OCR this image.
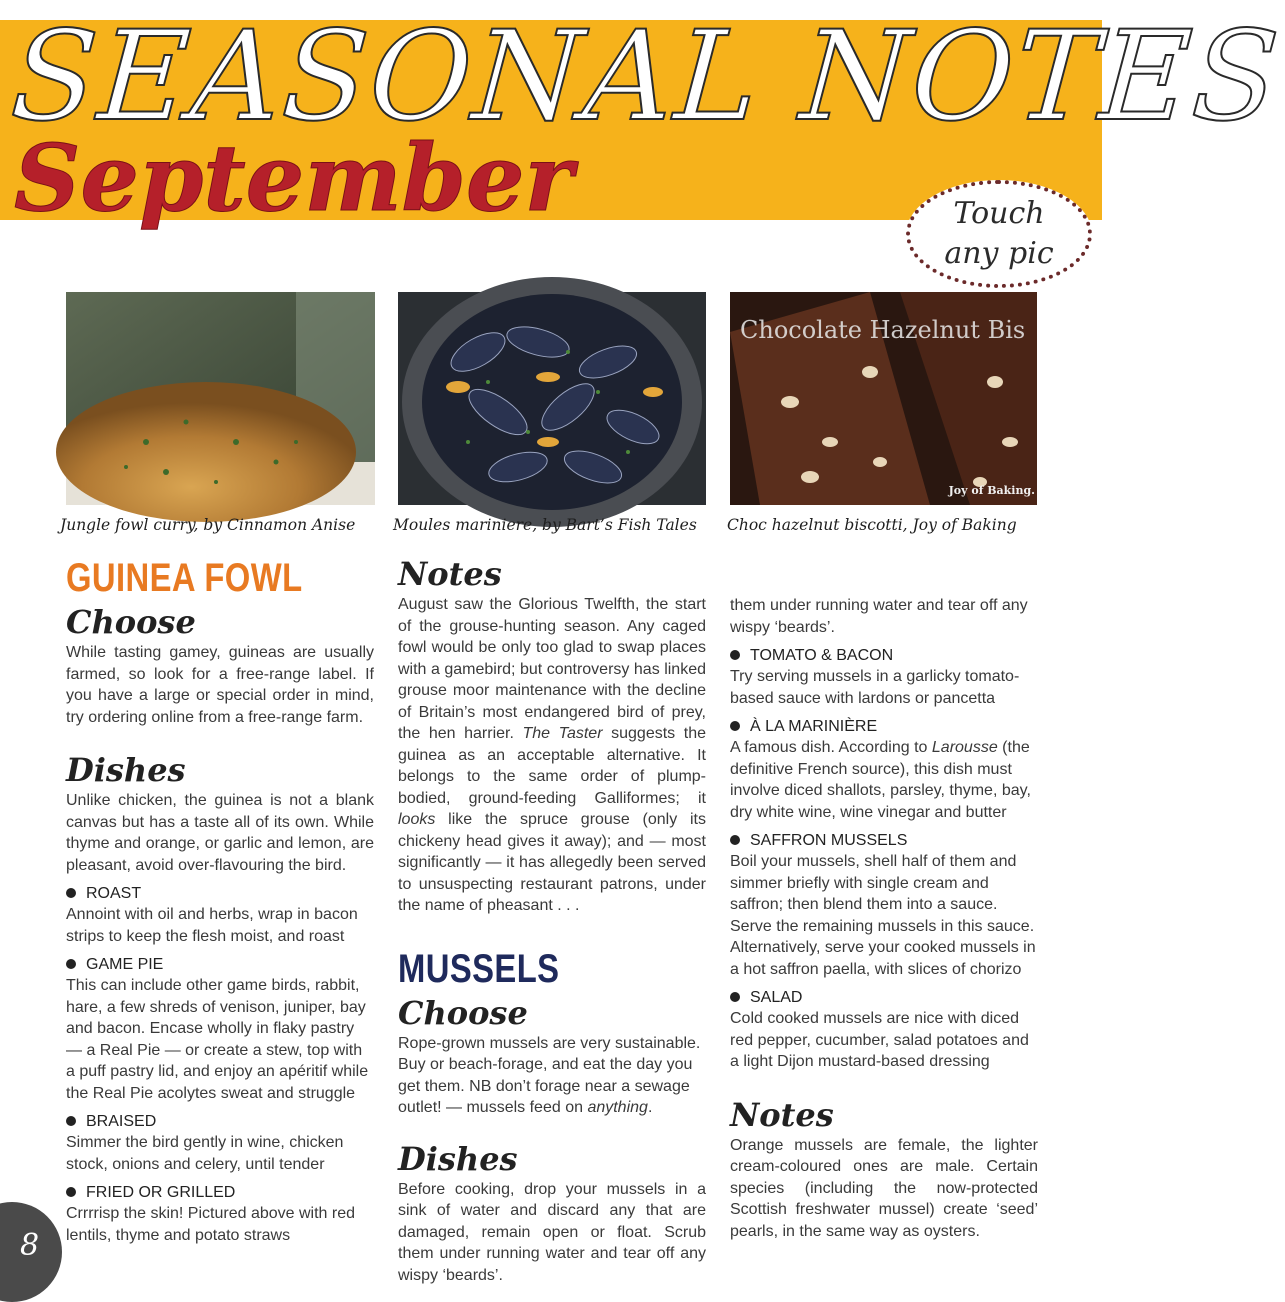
SEASONAL NOTES
September	Touch
any pic
Chocolate Hazelnut Bis
Joy of Baking.
Jungle fowl curry, by Cinnamon Anise Moules mariniere, by Bart’s Fish Tales Choc hazelnut biscotti, Joy of Baking
GUINEA FOWL
Choose

While tasting gamey, guineas are usually farmed, so look for a free-range label. If you have a large or special order in mind, try ordering online from a free-range farm.

Dishes

Unlike chicken, the guinea is not a blank canvas but has a taste all of its own. While thyme and orange, or garlic and lemon, are pleasant, avoid over-flavouring the bird.

ROAST

Annoint with oil and herbs, wrap in bacon strips to keep the flesh moist, and roast

GAME PIE

This can include other game birds, rabbit, hare, a few shreds of venison, juniper, bay and bacon. Encase wholly in flaky pastry — a Real Pie — or create a stew, top with a puff pastry lid, and enjoy an apéritif while the Real Pie acolytes sweat and struggle

BRAISED

Simmer the bird gently in wine, chicken stock, onions and celery, until tender

FRIED OR GRILLED

Crrrrisp the skin! Pictured above with red lentils, thyme and potato straws

Notes

August saw the Glorious Twelfth, the start of the grouse-hunting season. Any caged fowl would be only too glad to swap places with a gamebird; but controversy has linked grouse moor maintenance with the decline of Britain’s most endangered bird of prey, the hen harrier. The Taster suggests the guinea as an acceptable alternative. It belongs to the same order of plump-bodied, ground-feeding Galliformes; it looks like the spruce grouse (only its chickeny head gives it away); and — most significantly — it has allegedly been served to unsuspecting restaurant patrons, under the name of pheasant . . .

MUSSELS
Choose

Rope-grown mussels are very sustainable. Buy or beach-forage, and eat the day you get them. NB don’t forage near a sewage outlet! — mussels feed on anything.

Dishes

Before cooking, drop your mussels in a sink of water and discard any that are damaged, remain open or float. Scrub them under running water and tear off any wispy ‘beards’.

them under running water and tear off any wispy ‘beards’.

TOMATO & BACON

Try serving mussels in a garlicky tomato-based sauce with lardons or pancetta

À LA MARINIÈRE

A famous dish. According to Larousse (the definitive French source), this dish must involve diced shallots, parsley, thyme, bay, dry white wine, wine vinegar and butter

SAFFRON MUSSELS

Boil your mussels, shell half of them and simmer briefly with single cream and saffron; then blend them into a sauce. Serve the remaining mussels in this sauce. Alternatively, serve your cooked mussels in a hot saffron paella, with slices of chorizo

SALAD

Cold cooked mussels are nice with diced red pepper, cucumber, salad potatoes and a light Dijon mustard-based dressing

Notes

Orange mussels are female, the lighter cream-coloured ones are male. Certain species (including the now-protected Scottish freshwater mussel) create ‘seed’ pearls, in the same way as oysters.

8
